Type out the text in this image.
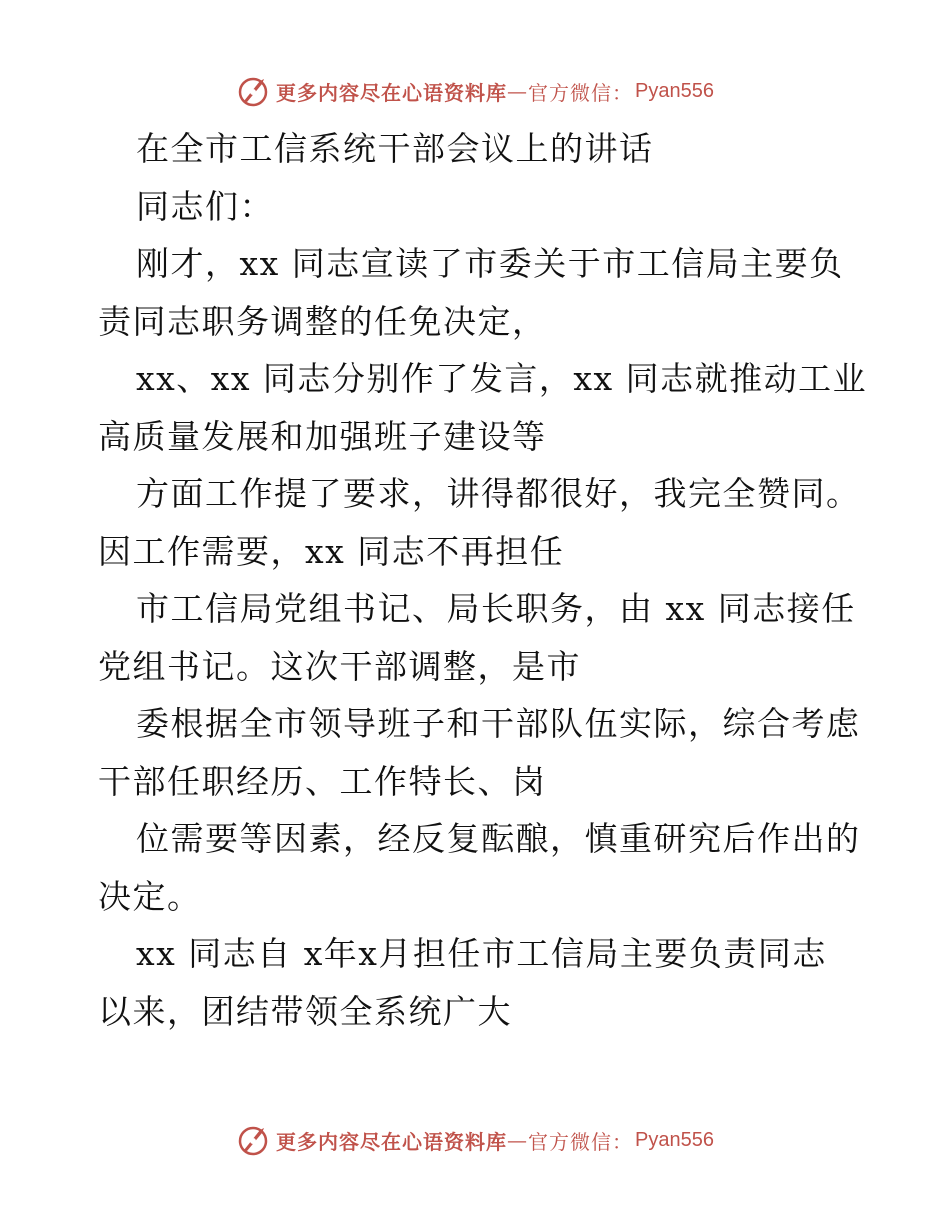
更多内容尽在心语资料库 — 官方微信： Pyan556
在全市工信系统干部会议上的讲话
同志们：
刚才，xx 同志宣读了市委关于市工信局主要负
责同志职务调整的任免决定，
xx、xx 同志分别作了发言，xx 同志就推动工业
高质量发展和加强班子建设等
方面工作提了要求，讲得都很好，我完全赞同。
因工作需要，xx 同志不再担任
市工信局党组书记、局长职务，由 xx 同志接任
党组书记。这次干部调整，是市
委根据全市领导班子和干部队伍实际，综合考虑
干部任职经历、工作特长、岗
位需要等因素，经反复酝酿，慎重研究后作出的
决定。
xx 同志自 x年x月担任市工信局主要负责同志
以来，团结带领全系统广大
更多内容尽在心语资料库 — 官方微信： Pyan556
